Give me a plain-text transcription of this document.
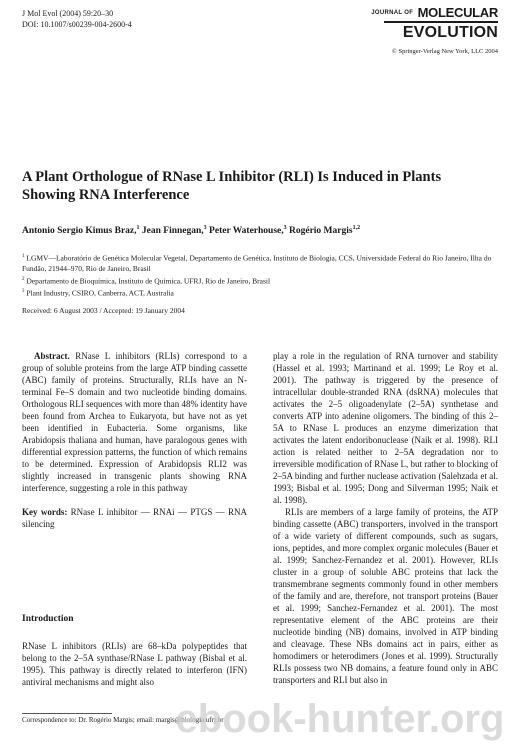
J Mol Evol (2004) 59:20–30
DOI: 10.1007/s00239-004-2600-4
JOURNAL OF MOLECULAR
EVOLUTION
© Springer-Verlag New York, LLC 2004
A Plant Orthologue of RNase L Inhibitor (RLI) Is Induced in Plants Showing RNA Interference
Antonio Sergio Kimus Braz,$^1$ Jean Finnegan,$^3$ Peter Waterhouse,$^3$ Rogério Margis$^{1,2}$
$^1$ LGMV—Laboratório de Genética Molecular Vegetal, Departamento de Genética, Instituto de Biologia, CCS, Universidade Federal do Rio Janeiro, Ilha do Fundão, 21944–970, Rio de Janeiro, Brasil
$^2$ Departamento de Bioquímica, Instituto de Química, UFRJ, Rio de Janeiro, Brasil
$^3$ Plant Industry, CSIRO, Canberra, ACT, Australia
Received: 6 August 2003 / Accepted: 19 January 2004

Abstract. RNase L inhibitors (RLIs) correspond to a group of soluble proteins from the large ATP binding cassette (ABC) family of proteins. Structurally, RLIs have an N-terminal Fe–S domain and two nucleotide binding domains. Orthologous RLI sequences with more than 48% identity have been found from Archea to Eukaryota, but have not as yet been identified in Eubacteria. Some organisms, like Arabidopsis thaliana and human, have paralogous genes with differential expression patterns, the function of which remains to be determined. Expression of Arabidopsis RLI2 was slightly increased in transgenic plants showing RNA interference, suggesting a role in this pathway

Key words: RNase L inhibitor — RNAi — PTGS — RNA silencing

Introduction
RNase L inhibitors (RLIs) are 68–kDa polypeptides that belong to the 2–5A synthase/RNase L pathway (Bisbal et al. 1995). This pathway is directly related to interferon (IFN) antiviral mechanisms and might also

play a role in the regulation of RNA turnover and stability (Hassel et al. 1993; Martinand et al. 1999; Le Roy et al. 2001). The pathway is triggered by the presence of intracellular double-stranded RNA (dsRNA) molecules that activates the 2–5 oligoadenylate (2–5A) synthetase and converts ATP into adenine oligomers. The binding of this 2–5A to RNase L produces an enzyme dimerization that activates the latent endoribonuclease (Naik et al. 1998). RLI action is related neither to 2–5A degradation nor to irreversible modification of RNase L, but rather to blocking of 2–5A binding and further nuclease activation (Salehzada et al. 1993; Bisbal et al. 1995; Dong and Silverman 1995; Naik et al. 1998).

RLIs are members of a large family of proteins, the ATP binding cassette (ABC) transporters, involved in the transport of a wide variety of different compounds, such as sugars, ions, peptides, and more complex organic molecules (Bauer et al. 1999; Sanchez-Fernandez et al. 2001). However, RLIs cluster in a group of soluble ABC proteins that lack the transmembrane segments commonly found in other members of the family and are, therefore, not transport proteins (Bauer et al. 1999; Sanchez-Fernandez et al. 2001). The most representative element of the ABC proteins are their nucleotide binding (NB) domains, involved in ATP binding and cleavage. These NBs domains act in pairs, either as homodimers or heterodimers (Jones et al. 1999). Structurally RLIs possess two NB domains, a feature found only in ABC transporters and RLI but also in

Correspondence to: Dr. Rogério Margis; email: margis@biologia.ufrj.br
ebook-hunter.org
